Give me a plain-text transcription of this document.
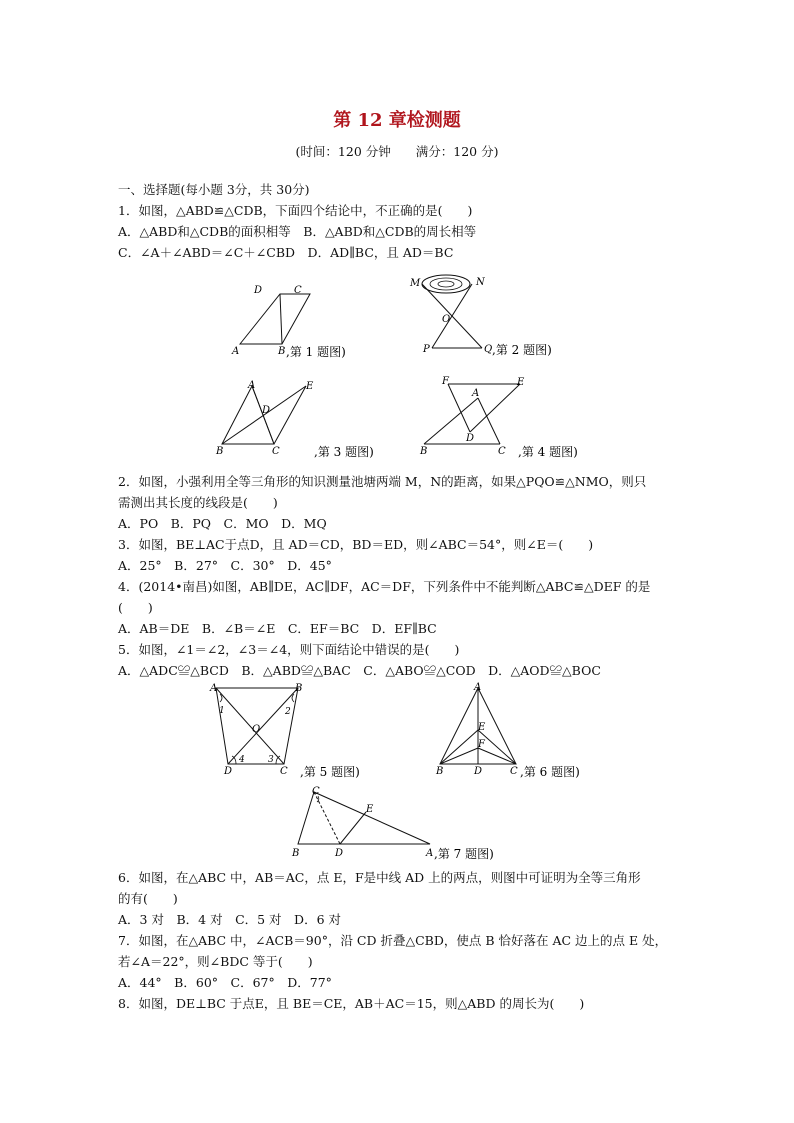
第 12 章检测题
(时间：120 分钟　　满分：120 分)
一、选择题(每小题 3分，共 30分)
1．如图，△ABD≌△CDB，下面四个结论中，不正确的是(　　)
A．△ABD和△CDB的面积相等　B．△ABD和△CDB的周长相等
C．∠A＋∠ABD＝∠C＋∠CBD　D．AD∥BC，且 AD＝BC
D	C
A	B ,第 1 题图)
M	N
O
P	Q ,第 2 题图)
A	E
D
B	C	,第 3 题图)
F	E
A
D
B	C ,第 4 题图)
2．如图，小强利用全等三角形的知识测量池塘两端 M，N的距离，如果△PQO≌△NMO，则只
需测出其长度的线段是(　　)
A．PO　B．PQ　C．MO　D．MQ
3．如图，BE⊥AC于点D，且 AD＝CD，BD＝ED，则∠ABC＝54°，则∠E＝(　　)
A．25°　B．27°　C．30°　D．45°
4．(2014•南昌)如图，AB∥DE，AC∥DF，AC＝DF，下列条件中不能判断△ABC≌△DEF 的是
(　　)
A．AB＝DE　B．∠B＝∠E　C．EF＝BC　D．EF∥BC
5．如图，∠1＝∠2，∠3＝∠4，则下面结论中错误的是(　　)
A．△ADC≌△BCD　B．△ABD≌△BAC　C．△ABO≌△COD　D．△AOD≌△BOC
A	B
1	2
O
4	3
D	C ,第 5 题图)
A
E
F
B	D	C ,第 6 题图)
C
E
B	D	A ,第 7 题图)
6．如图，在△ABC 中，AB＝AC，点 E，F是中线 AD 上的两点，则图中可证明为全等三角形
的有(　　)
A．3 对　B．4 对　C．5 对　D．6 对
7．如图，在△ABC 中，∠ACB＝90°，沿 CD 折叠△CBD，使点 B 恰好落在 AC 边上的点 E 处，
若∠A＝22°，则∠BDC 等于(　　)
A．44°　B．60°　C．67°　D．77°
8．如图，DE⊥BC 于点E，且 BE＝CE，AB＋AC＝15，则△ABD 的周长为(　　)
